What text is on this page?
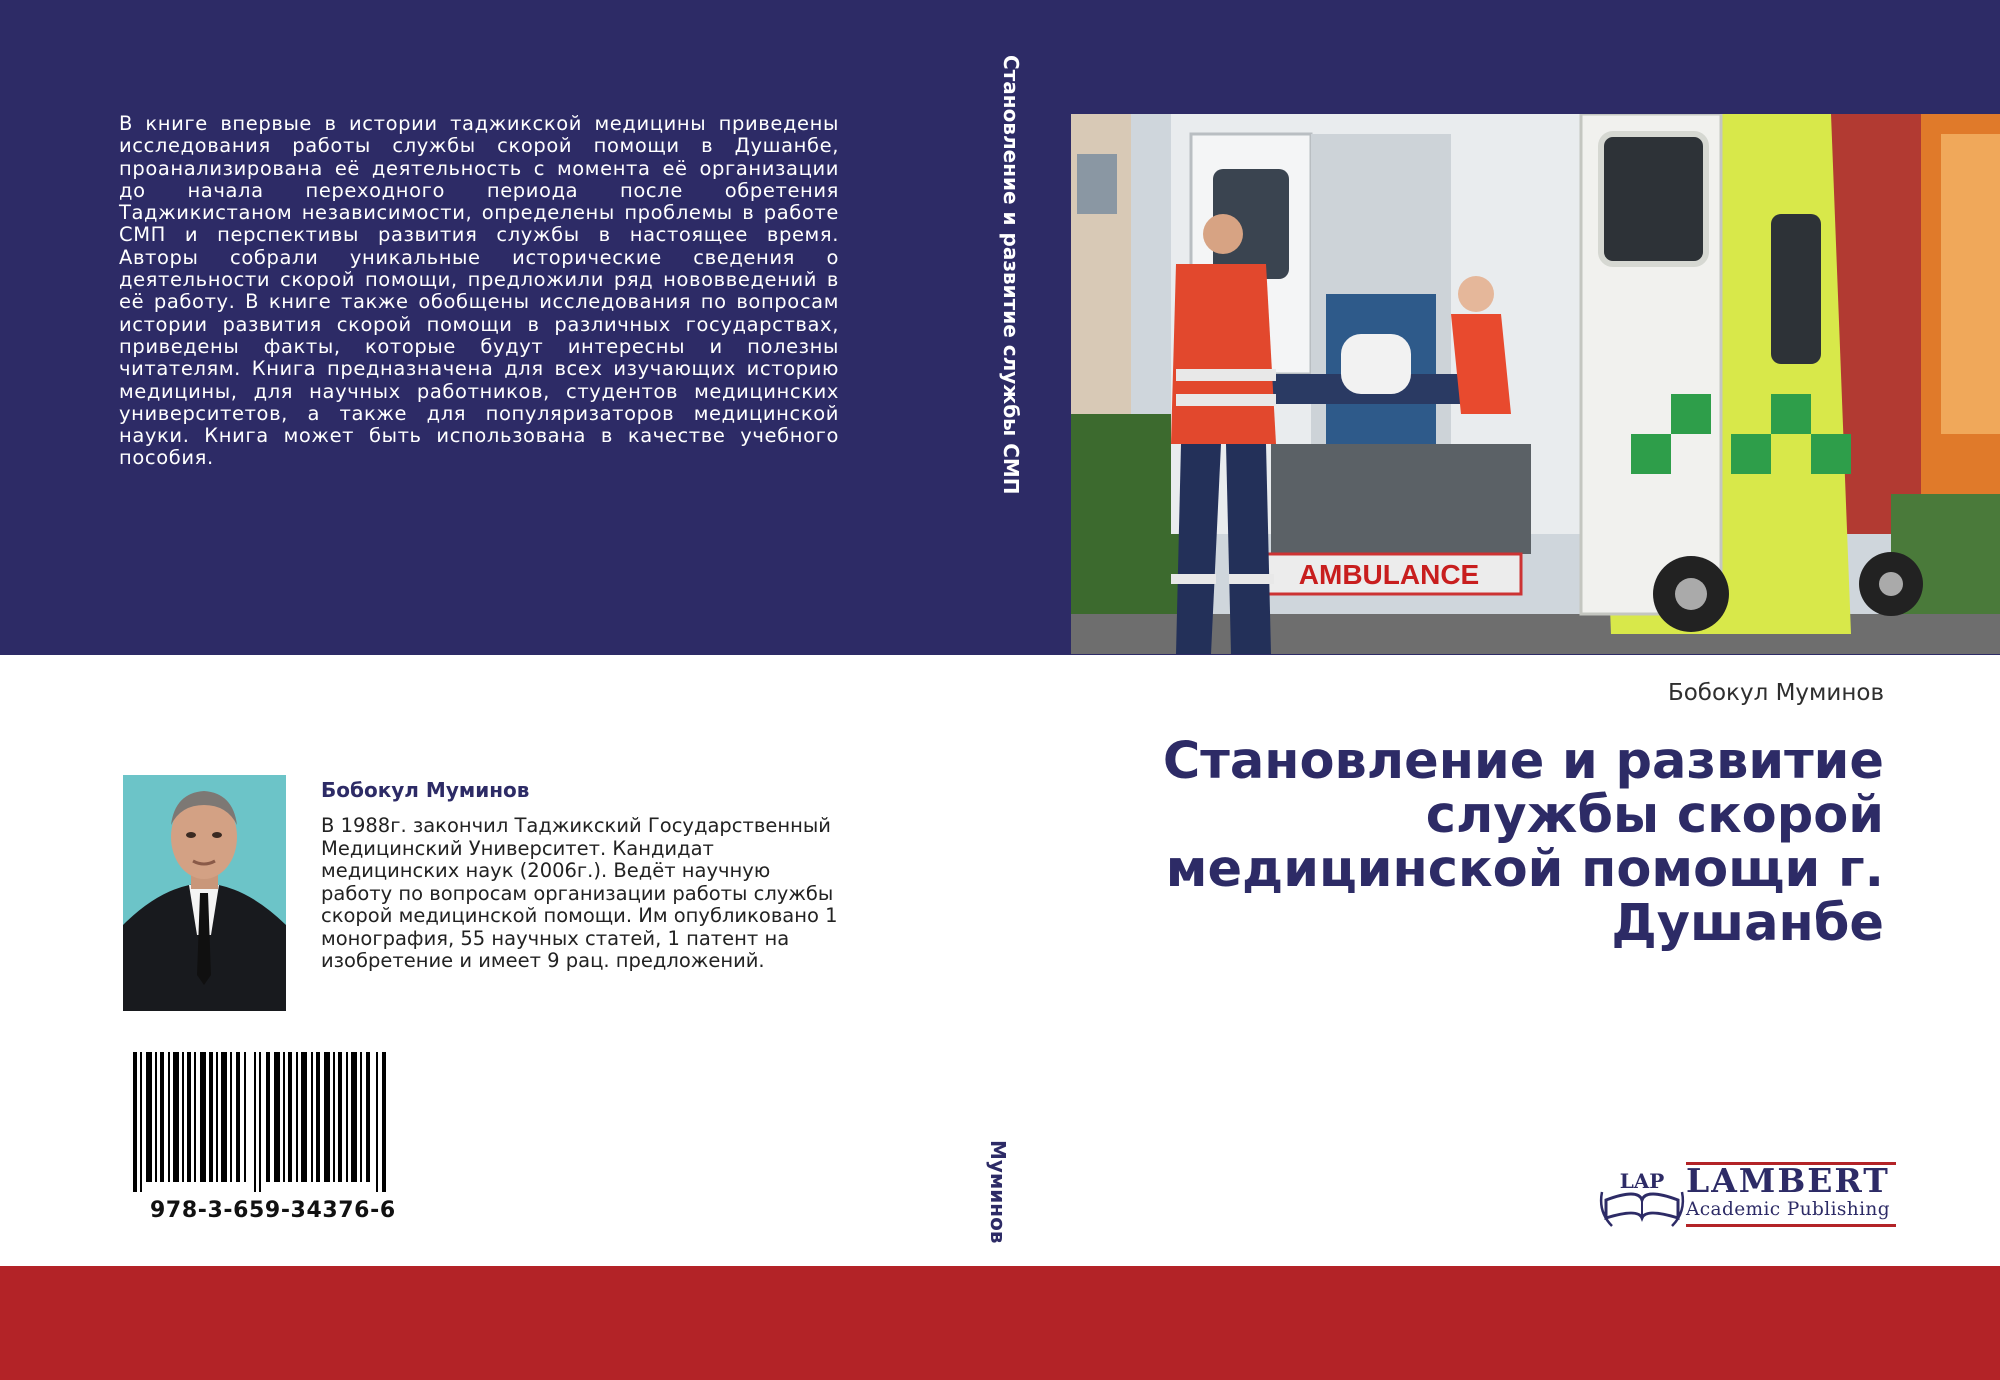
В книге впервые в истории таджикской медицины приведены исследования работы службы скорой помощи в Душанбе, проанализирована её деятельность с момента её организации до начала переходного периода после обретения Таджикистаном независимости, определены проблемы в работе СМП и перспективы развития службы в настоящее время. Авторы собрали уникальные исторические сведения о деятельности скорой помощи, предложили ряд нововведений в её работу. В книге также обобщены исследования по вопросам истории развития скорой помощи в различных государствах, приведены факты, которые будут интересны и полезны читателям. Книга предназначена для всех изучающих историю медицины, для научных работников, студентов медицинских университетов, а также для популяризаторов медицинской науки. Книга может быть использована в качестве учебного пособия.	Становление и развитие службы СМП
Муминов
AMBULANCE
Бобокул Муминов
Становление и развитие службы скорой медицинской помощи г. Душанбе
Бобокул Муминов
В 1988г. закончил Таджикский Государственный Медицинский Университет. Кандидат медицинских наук (2006г.). Ведёт научную работу по вопросам организации работы службы скорой медицинской помощи. Им опубликовано 1 монография, 55 научных статей, 1 патент на изобретение и имеет 9 рац. предложений.
978-3-659-34376-6
LAP LAMBERT
Academic Publishing
